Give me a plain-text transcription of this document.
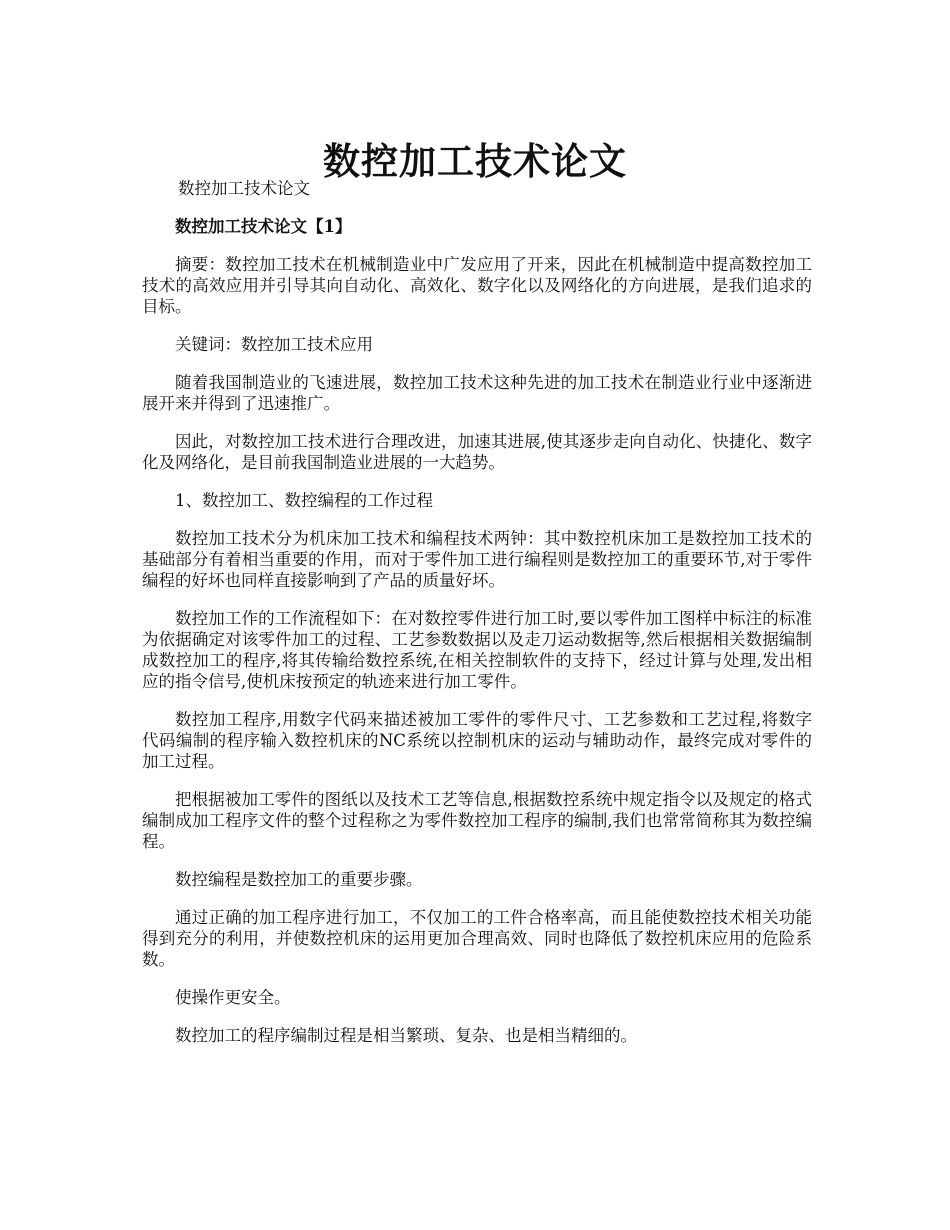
数控加工技术论文

数控加工技术论文

数控加工技术论文【1】

摘要：数控加工技术在机械制造业中广发应用了开来，因此在机械制造中提高数控加工技术的高效应用并引导其向自动化、高效化、数字化以及网络化的方向进展，是我们追求的目标。

关键词：数控加工技术应用

随着我国制造业的飞速进展，数控加工技术这种先进的加工技术在制造业行业中逐渐进展开来并得到了迅速推广。

因此，对数控加工技术进行合理改进，加速其进展,使其逐步走向自动化、快捷化、数字化及网络化，是目前我国制造业进展的一大趋势。

1、数控加工、数控编程的工作过程

数控加工技术分为机床加工技术和编程技术两钟：其中数控机床加工是数控加工技术的基础部分有着相当重要的作用，而对于零件加工进行编程则是数控加工的重要环节,对于零件编程的好坏也同样直接影响到了产品的质量好坏。

数控加工作的工作流程如下：在对数控零件进行加工时,要以零件加工图样中标注的标准为依据确定对该零件加工的过程、工艺参数数据以及走刀运动数据等,然后根据相关数据编制成数控加工的程序,将其传输给数控系统,在相关控制软件的支持下，经过计算与处理,发出相应的指令信号,使机床按预定的轨迹来进行加工零件。

数控加工程序,用数字代码来描述被加工零件的零件尺寸、工艺参数和工艺过程,将数字代码编制的程序输入数控机床的NC系统以控制机床的运动与辅助动作，最终完成对零件的加工过程。

把根据被加工零件的图纸以及技术工艺等信息,根据数控系统中规定指令以及规定的格式编制成加工程序文件的整个过程称之为零件数控加工程序的编制,我们也常常简称其为数控编程。

数控编程是数控加工的重要步骤。

通过正确的加工程序进行加工，不仅加工的工件合格率高，而且能使数控技术相关功能得到充分的利用，并使数控机床的运用更加合理高效、同时也降低了数控机床应用的危险系数。

使操作更安全。

数控加工的程序编制过程是相当繁琐、复杂、也是相当精细的。
